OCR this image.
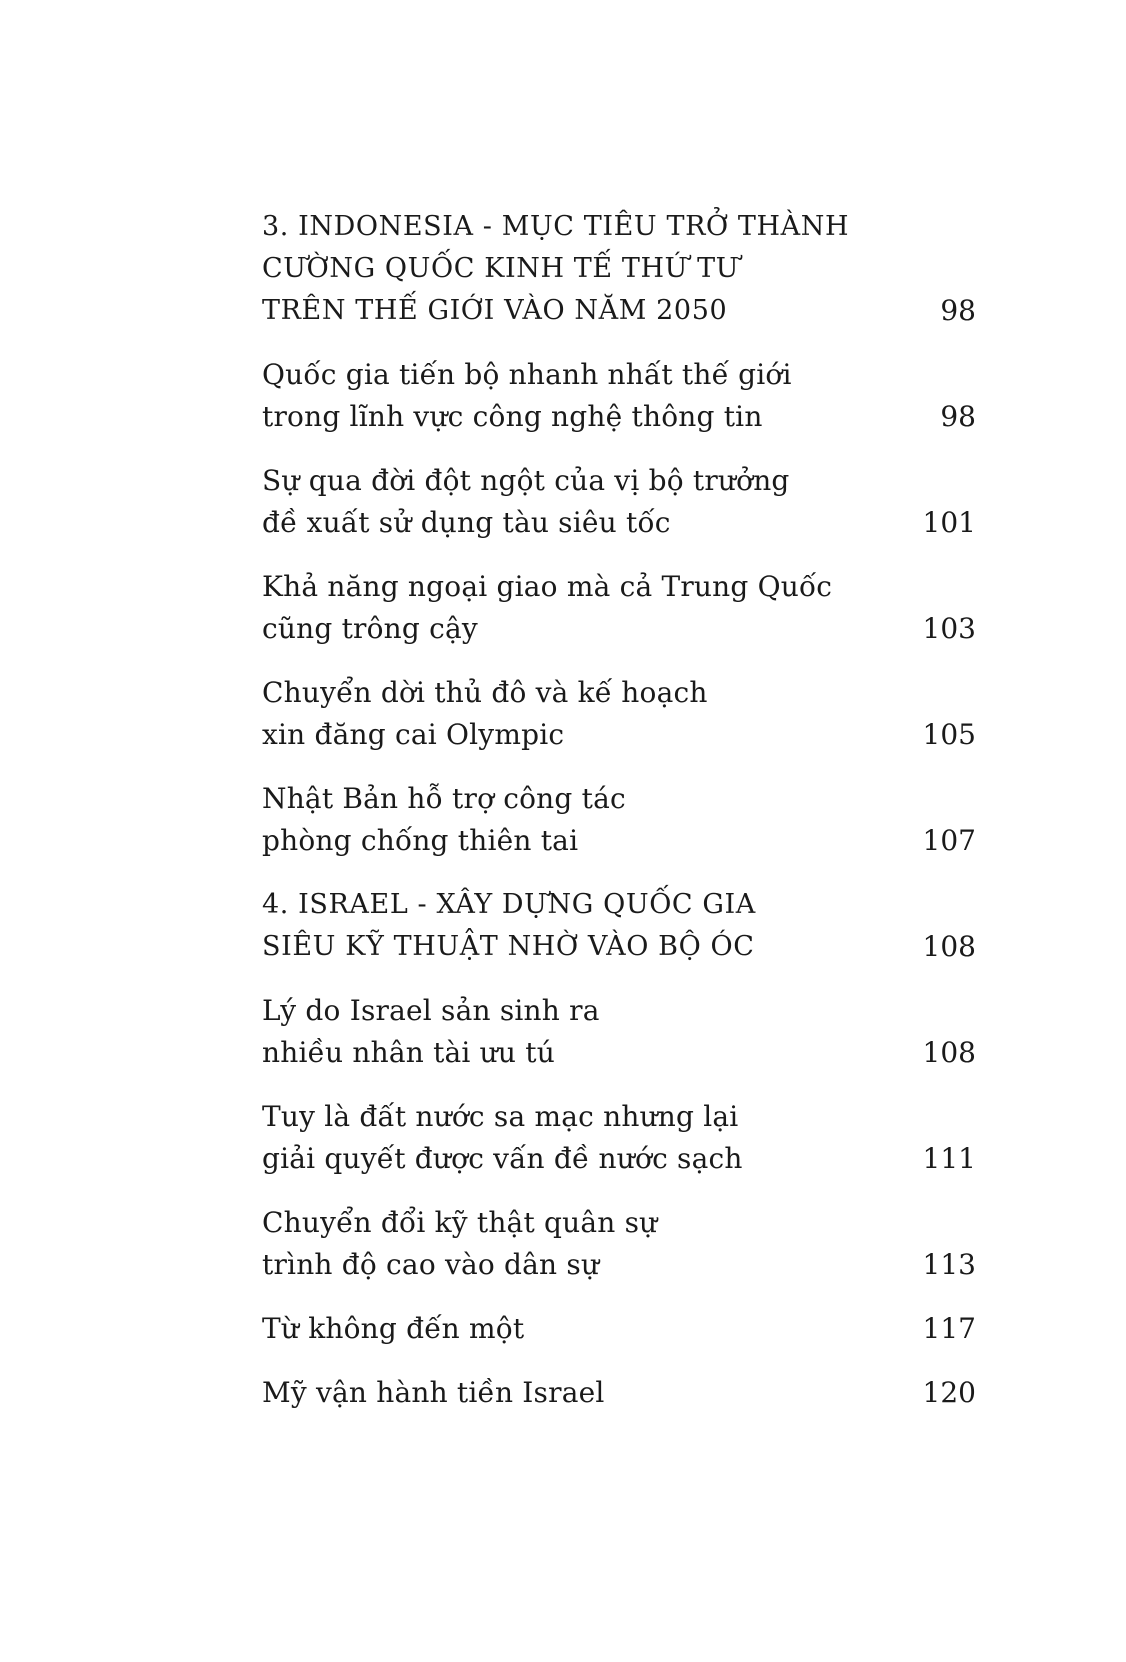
3. INDONESIA - MỤC TIÊU TRỞ THÀNH
CƯỜNG QUỐC KINH TẾ THỨ TƯ
TRÊN THẾ GIỚI VÀO NĂM 2050	98
Quốc gia tiến bộ nhanh nhất thế giới
trong lĩnh vực công nghệ thông tin	98
Sự qua đời đột ngột của vị bộ trưởng
đề xuất sử dụng tàu siêu tốc	101
Khả năng ngoại giao mà cả Trung Quốc
cũng trông cậy	103
Chuyển dời thủ đô và kế hoạch
xin đăng cai Olympic	105
Nhật Bản hỗ trợ công tác
phòng chống thiên tai	107
4. ISRAEL - XÂY DỰNG QUỐC GIA
SIÊU KỸ THUẬT NHỜ VÀO BỘ ÓC	108
Lý do Israel sản sinh ra
nhiều nhân tài ưu tú	108
Tuy là đất nước sa mạc nhưng lại
giải quyết được vấn đề nước sạch	111
Chuyển đổi kỹ thật quân sự
trình độ cao vào dân sự	113
Từ không đến một	117
Mỹ vận hành tiền Israel	120
